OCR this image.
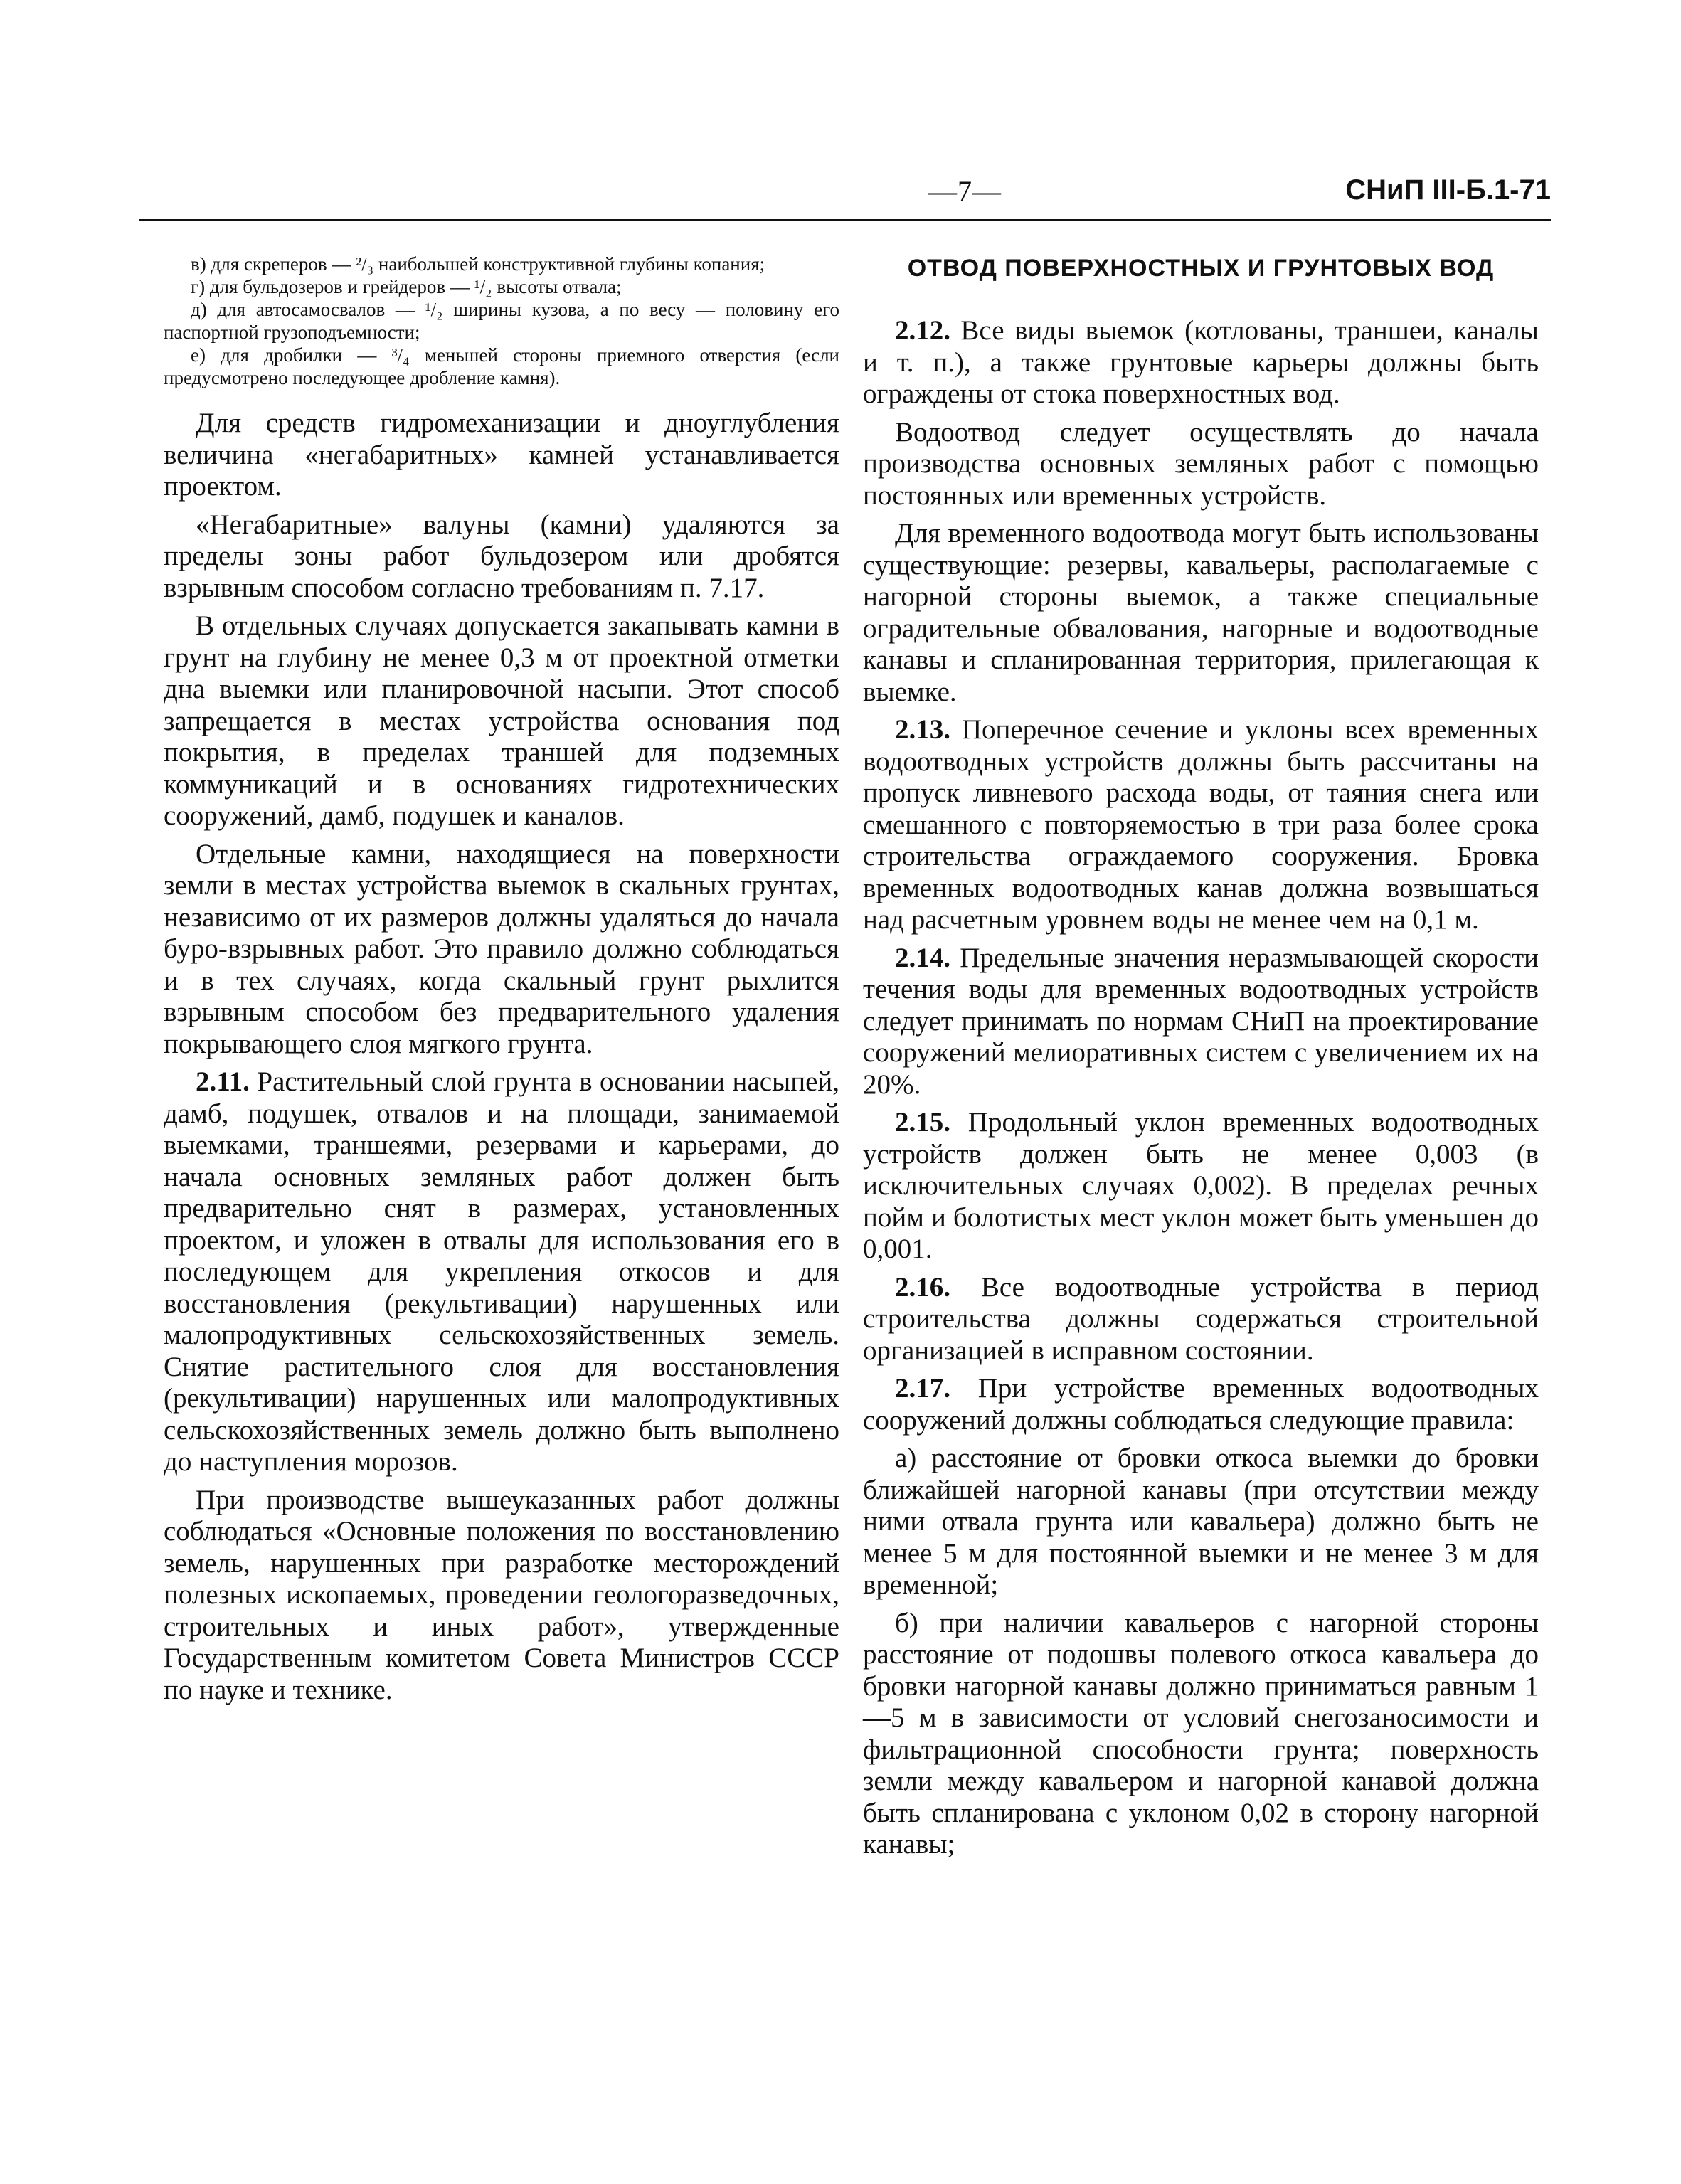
—7—	СНиП III-Б.1-71

в) для скреперов — ²/₃ наибольшей конструктивной глубины копания;

г) для бульдозеров и грейдеров — ¹/₂ высоты отвала;

д) для автосамосвалов — ¹/₂ ширины кузова, а по весу — половину его паспортной грузоподъемности;

е) для дробилки — ³/₄ меньшей стороны приемного отверстия (если предусмотрено последующее дробление камня).

Для средств гидромеханизации и дноуглубления величина «негабаритных» камней устанавливается проектом.

«Негабаритные» валуны (камни) удаляются за пределы зоны работ бульдозером или дробятся взрывным способом согласно требованиям п. 7.17.

В отдельных случаях допускается закапывать камни в грунт на глубину не менее 0,3 м от проектной отметки дна выемки или планировочной насыпи. Этот способ запрещается в местах устройства основания под покрытия, в пределах траншей для подземных коммуникаций и в основаниях гидротехнических сооружений, дамб, подушек и каналов.

Отдельные камни, находящиеся на поверхности земли в местах устройства выемок в скальных грунтах, независимо от их размеров должны удаляться до начала буро-взрывных работ. Это правило должно соблюдаться и в тех случаях, когда скальный грунт рыхлится взрывным способом без предварительного удаления покрывающего слоя мягкого грунта.

2.11. Растительный слой грунта в основании насыпей, дамб, подушек, отвалов и на площади, занимаемой выемками, траншеями, резервами и карьерами, до начала основных земляных работ должен быть предварительно снят в размерах, установленных проектом, и уложен в отвалы для использования его в последующем для укрепления откосов и для восстановления (рекультивации) нарушенных или малопродуктивных сельскохозяйственных земель. Снятие растительного слоя для восстановления (рекультивации) нарушенных или малопродуктивных сельскохозяйственных земель должно быть выполнено до наступления морозов.

При производстве вышеуказанных работ должны соблюдаться «Основные положения по восстановлению земель, нарушенных при разработке месторождений полезных ископаемых, проведении геологоразведочных, строительных и иных работ», утвержденные Государственным комитетом Совета Министров СССР по науке и технике.

ОТВОД ПОВЕРХНОСТНЫХ И ГРУНТОВЫХ ВОД

2.12. Все виды выемок (котлованы, траншеи, каналы и т. п.), а также грунтовые карьеры должны быть ограждены от стока поверхностных вод.

Водоотвод следует осуществлять до начала производства основных земляных работ с помощью постоянных или временных устройств.

Для временного водоотвода могут быть использованы существующие: резервы, кавальеры, располагаемые с нагорной стороны выемок, а также специальные оградительные обвалования, нагорные и водоотводные канавы и спланированная территория, прилегающая к выемке.

2.13. Поперечное сечение и уклоны всех временных водоотводных устройств должны быть рассчитаны на пропуск ливневого расхода воды, от таяния снега или смешанного с повторяемостью в три раза более срока строительства ограждаемого сооружения. Бровка временных водоотводных канав должна возвышаться над расчетным уровнем воды не менее чем на 0,1 м.

2.14. Предельные значения неразмывающей скорости течения воды для временных водоотводных устройств следует принимать по нормам СНиП на проектирование сооружений мелиоративных систем с увеличением их на 20%.

2.15. Продольный уклон временных водоотводных устройств должен быть не менее 0,003 (в исключительных случаях 0,002). В пределах речных пойм и болотистых мест уклон может быть уменьшен до 0,001.

2.16. Все водоотводные устройства в период строительства должны содержаться строительной организацией в исправном состоянии.

2.17. При устройстве временных водоотводных сооружений должны соблюдаться следующие правила:

а) расстояние от бровки откоса выемки до бровки ближайшей нагорной канавы (при отсутствии между ними отвала грунта или кавальера) должно быть не менее 5 м для постоянной выемки и не менее 3 м для временной;

б) при наличии кавальеров с нагорной стороны расстояние от подошвы полевого откоса кавальера до бровки нагорной канавы должно приниматься равным 1—5 м в зависимости от условий снегозаносимости и фильтрационной способности грунта; поверхность земли между кавальером и нагорной канавой должна быть спланирована с уклоном 0,02 в сторону нагорной канавы;
